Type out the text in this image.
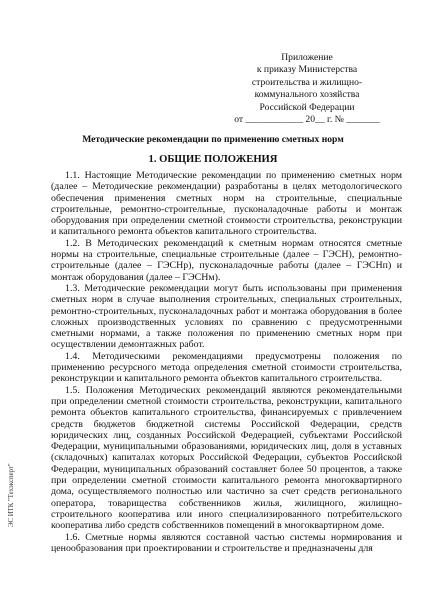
Приложение
к приказу Министерства
строительства и жилищно-
коммунального хозяйства
Российской Федерации
от ____________ 20__ г. № _______
Методические рекомендации по применению сметных норм
1. ОБЩИЕ ПОЛОЖЕНИЯ

1.1. Настоящие Методические рекомендации по применению сметных норм (далее – Методические рекомендации) разработаны в целях методологического обеспечения применения сметных норм на строительные, специальные строительные, ремонтно-строительные, пусконаладочные работы и монтаж оборудования при определении сметной стоимости строительства, реконструкции и капитального ремонта объектов капитального строительства.

1.2. В Методических рекомендаций к сметным нормам относятся сметные нормы на строительные, специальные строительные (далее – ГЭСН), ремонтно-строительные (далее – ГЭСНр), пусконаладочные работы (далее – ГЭСНп) и монтаж оборудования (далее – ГЭСНм).

1.3. Методические рекомендации могут быть использованы при применения сметных норм в случае выполнения строительных, специальных строительных, ремонтно-строительных, пусконаладочных работ и монтажа оборудования в более сложных производственных условиях по сравнению с предусмотренными сметными нормами, а также положения по применению сметных норм при осуществлении демонтажных работ.

1.4. Методическими рекомендациями предусмотрены положения по применению ресурсного метода определения сметной стоимости строительства, реконструкции и капитального ремонта объектов капитального строительства.

1.5. Положения Методических рекомендаций являются рекомендательными при определении сметной стоимости строительства, реконструкции, капитального ремонта объектов капитального строительства, финансируемых с привлечением средств бюджетов бюджетной системы Российской Федерации, средств юридических лиц, созданных Российской Федерацией, субъектами Российской Федерации, муниципальными образованиями, юридических лиц, доля в уставных (складочных) капиталах которых Российской Федерации, субъектов Российской Федерации, муниципальных образований составляет более 50 процентов, а также при определении сметной стоимости капитального ремонта многоквартирного дома, осуществляемого полностью или частично за счет средств регионального оператора, товарищества собственников жилья, жилищного, жилищно-строительного кооператива или иного специализированного потребительского кооператива либо средств собственников помещений в многоквартирном доме.

1.6. Сметные нормы являются составной частью системы нормирования и ценообразования при проектировании и строительстве и предназначены для

ЭС ИТК "Техэксперт"
